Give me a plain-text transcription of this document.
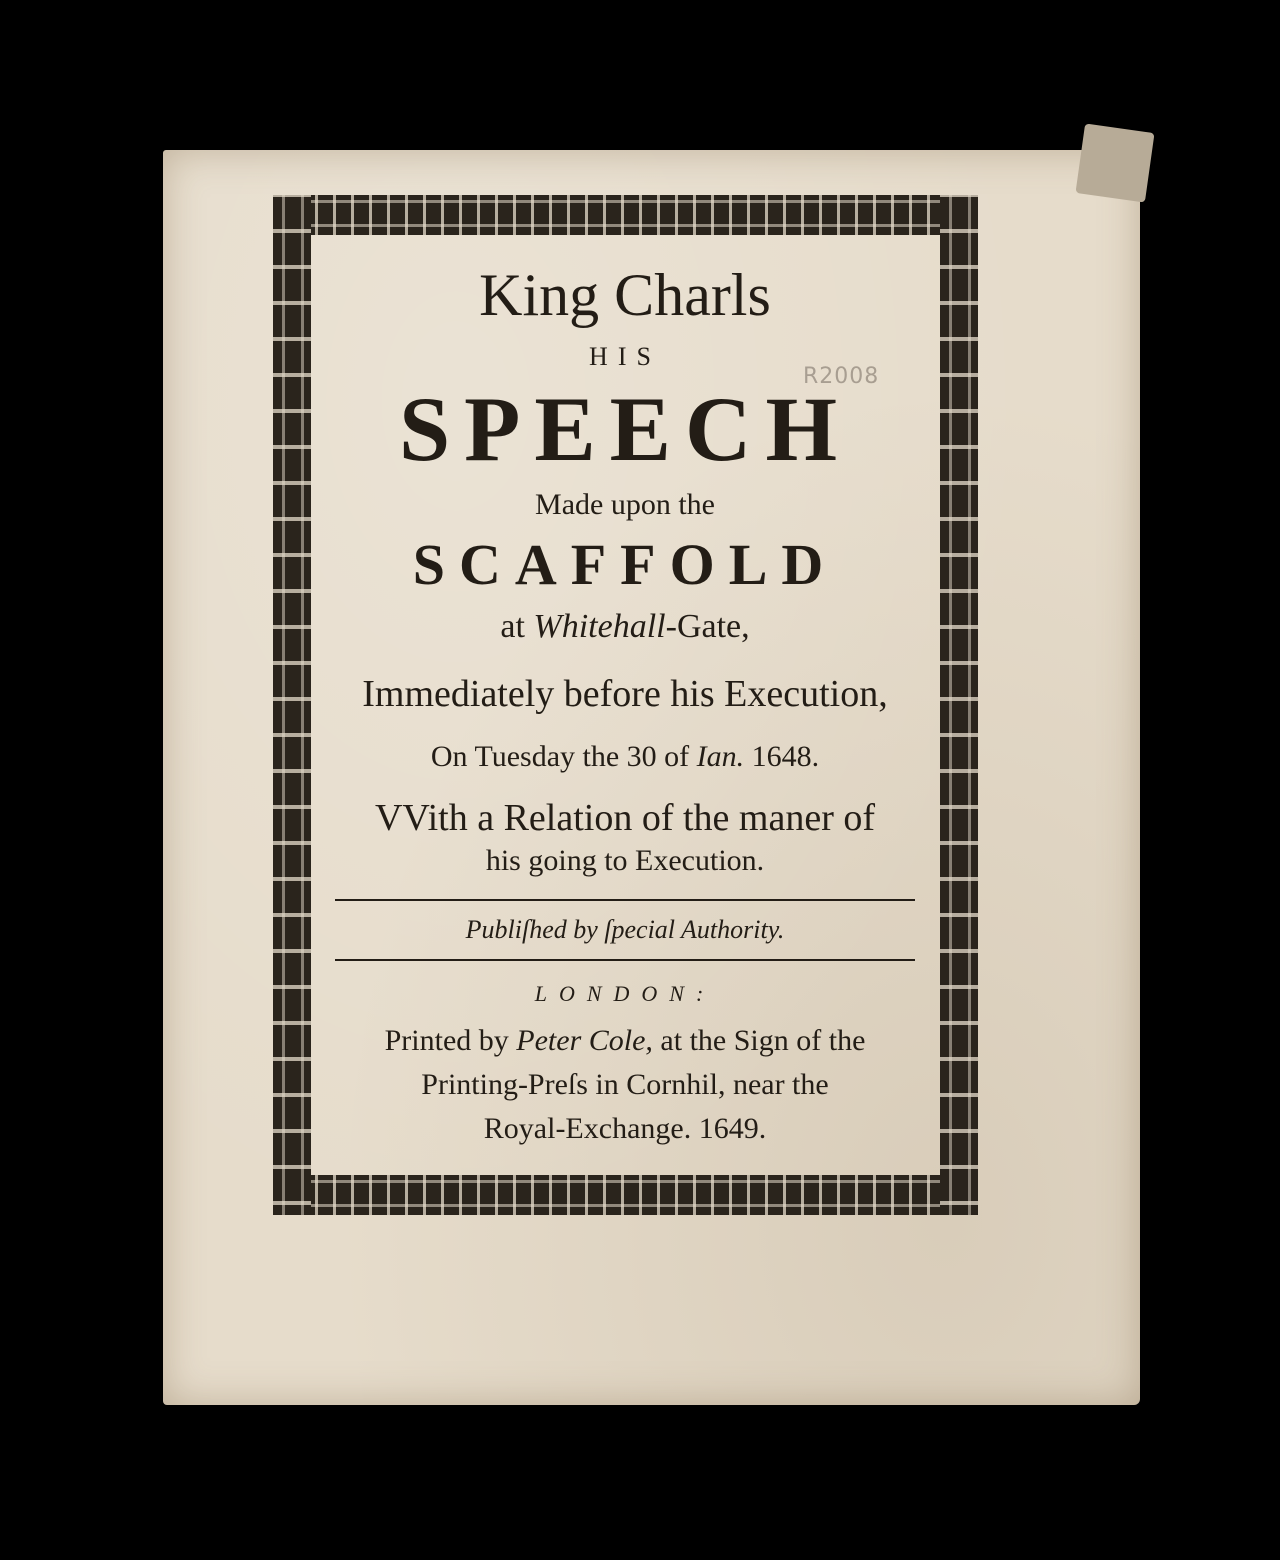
R2008
King Charls
HIS
SPEECH
Made upon the
SCAFFOLD
at Whitehall-Gate,
Immediately before his Execution,
On Tuesday the 30 of Ian. 1648.
VVith a Relation of the maner of
his going to Execution.
Publiſhed by ſpecial Authority.
LONDON:
Printed by Peter Cole, at the Sign of the
Printing-Preſs in Cornhil, near the
Royal-Exchange. 1649.
